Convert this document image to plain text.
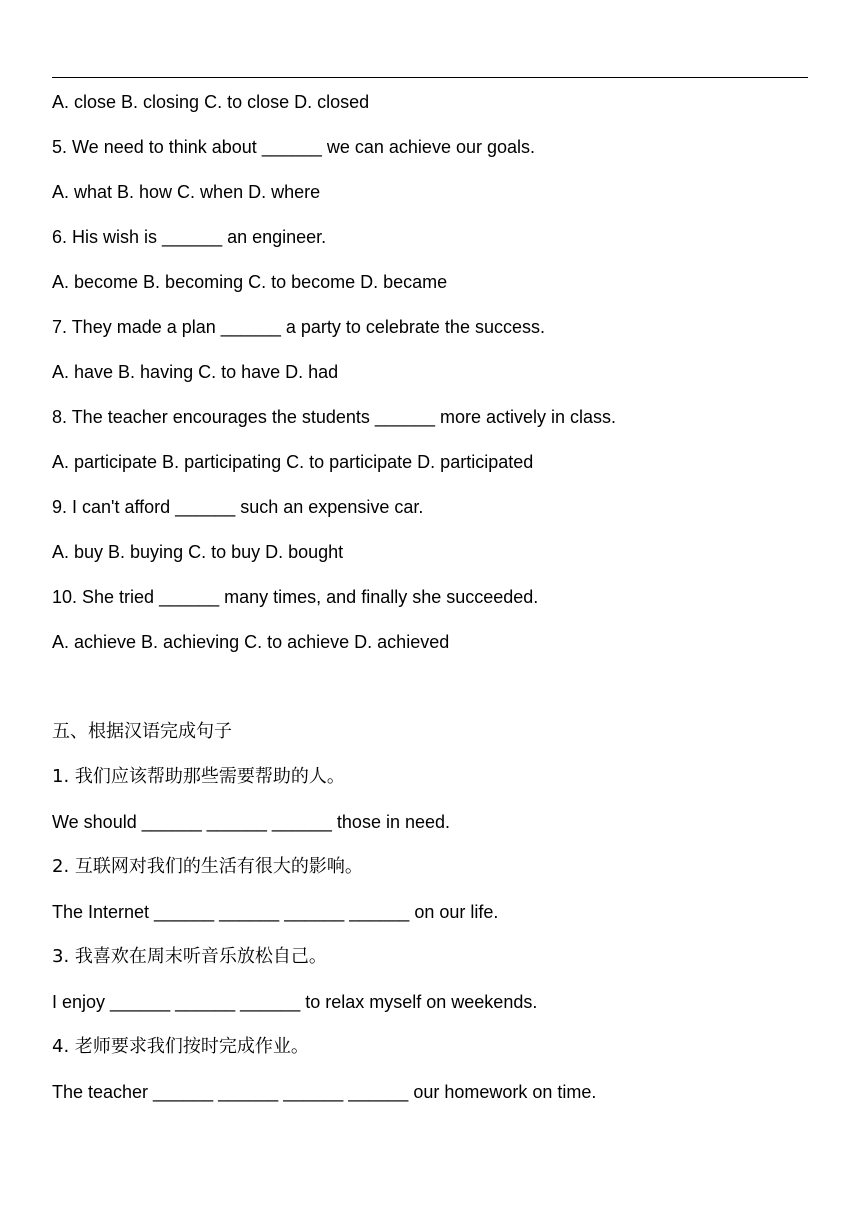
A. close B. closing C. to close D. closed
5. We need to think about ______ we can achieve our goals.
A. what B. how C. when D. where
6. His wish is ______ an engineer.
A. become B. becoming C. to become D. became
7. They made a plan ______ a party to celebrate the success.
A. have B. having C. to have D. had
8. The teacher encourages the students ______ more actively in class.
A. participate B. participating C. to participate D. participated
9. I can't afford ______ such an expensive car.
A. buy B. buying C. to buy D. bought
10. She tried ______ many times, and finally she succeeded.
A. achieve B. achieving C. to achieve D. achieved
五、根据汉语完成句子
1. 我们应该帮助那些需要帮助的人。
We should ______ ______ ______ those in need.
2. 互联网对我们的生活有很大的影响。
The Internet ______ ______ ______ ______ on our life.
3. 我喜欢在周末听音乐放松自己。
I enjoy ______ ______ ______ to relax myself on weekends.
4. 老师要求我们按时完成作业。
The teacher ______ ______ ______ ______ our homework on time.
